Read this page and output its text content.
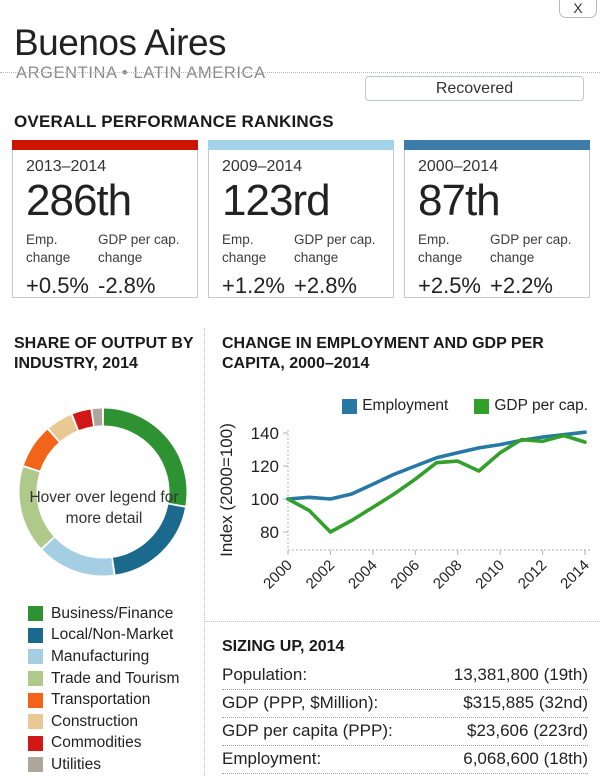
X
Buenos Aires
ARGENTINA • LATIN AMERICA
Recovered
OVERALL PERFORMANCE RANKINGS
2013–2014
286th
Emp. change
+0.5%
GDP per cap. change
-2.8%
2009–2014
123rd
Emp. change
+1.2%
GDP per cap. change
+2.8%
2000–2014
87th
Emp. change
+2.5%
GDP per cap. change
+2.2%
SHARE OF OUTPUT BY INDUSTRY, 2014
Hover over legend for more detail
Business/Finance
Local/Non-Market
Manufacturing
Trade and Tourism
Transportation
Construction
Commodities
Utilities
CHANGE IN EMPLOYMENT AND GDP PER CAPITA, 2000–2014
Employment	GDP per cap.
Index (2000=100) 80
100
120
140
2000 2002 2004 2006 2008 2010 2012 2014
SIZING UP, 2014
Population:	13,381,800 (19th)
GDP (PPP, $Million):	$315,885 (32nd)
GDP per capita (PPP):	$23,606 (223rd)
Employment:	6,068,600 (18th)
